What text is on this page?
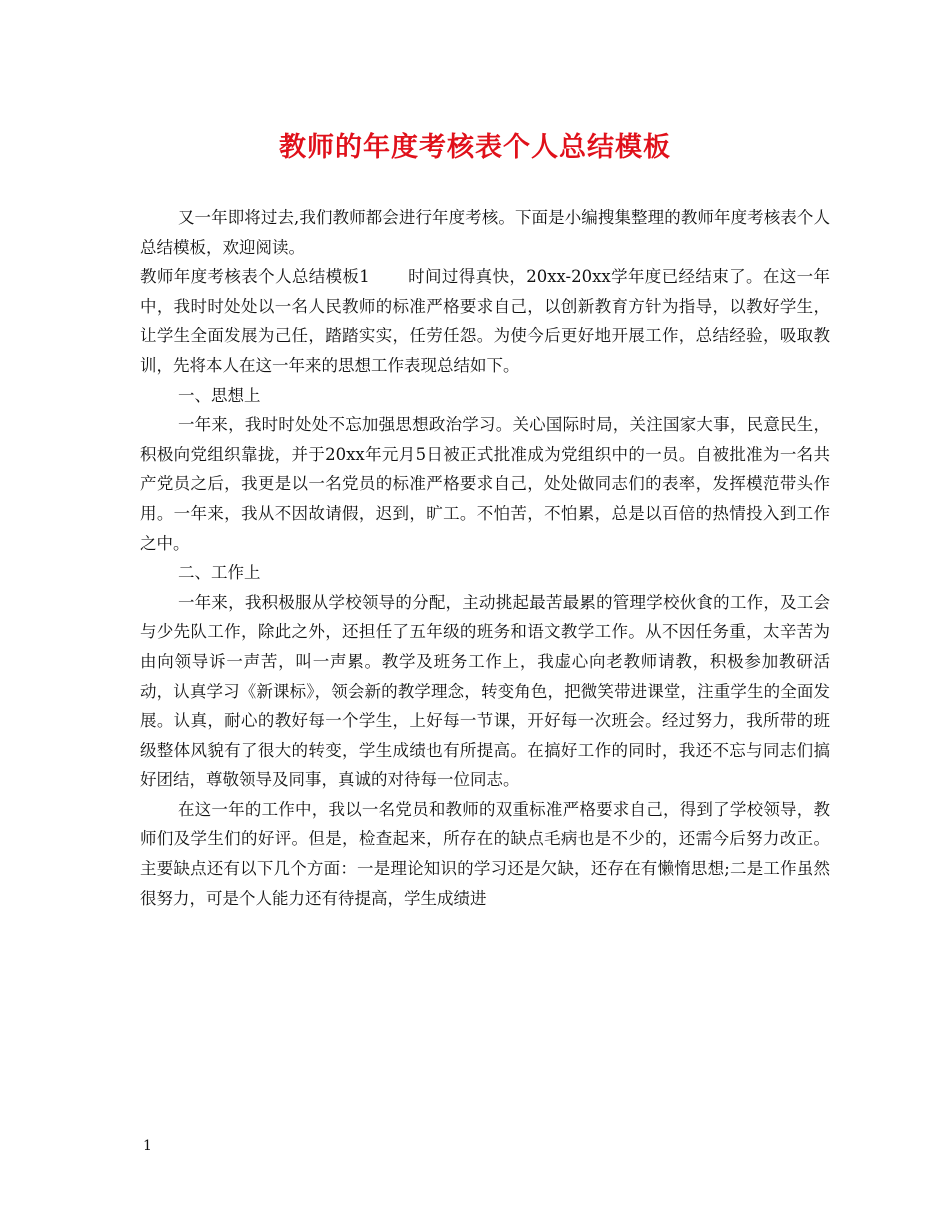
教师的年度考核表个人总结模板

又一年即将过去,我们教师都会进行年度考核。下面是小编搜集整理的教师年度考核表个人总结模板，欢迎阅读。

教师年度考核表个人总结模板1 时间过得真快，20xx-20xx学年度已经结束了。在这一年中，我时时处处以一名人民教师的标准严格要求自己，以创新教育方针为指导，以教好学生，让学生全面发展为己任，踏踏实实，任劳任怨。为使今后更好地开展工作，总结经验，吸取教训，先将本人在这一年来的思想工作表现总结如下。

一、思想上

一年来，我时时处处不忘加强思想政治学习。关心国际时局，关注国家大事，民意民生，积极向党组织靠拢，并于20xx年元月5日被正式批准成为党组织中的一员。自被批准为一名共产党员之后，我更是以一名党员的标准严格要求自己，处处做同志们的表率，发挥模范带头作用。一年来，我从不因故请假，迟到，旷工。不怕苦，不怕累，总是以百倍的热情投入到工作之中。

二、工作上

一年来，我积极服从学校领导的分配，主动挑起最苦最累的管理学校伙食的工作，及工会与少先队工作，除此之外，还担任了五年级的班务和语文教学工作。从不因任务重，太辛苦为由向领导诉一声苦，叫一声累。教学及班务工作上，我虚心向老教师请教，积极参加教研活动，认真学习《新课标》，领会新的教学理念，转变角色，把微笑带进课堂，注重学生的全面发展。认真，耐心的教好每一个学生，上好每一节课，开好每一次班会。经过努力，我所带的班级整体风貌有了很大的转变，学生成绩也有所提高。在搞好工作的同时，我还不忘与同志们搞好团结，尊敬领导及同事，真诚的对待每一位同志。

在这一年的工作中，我以一名党员和教师的双重标准严格要求自己，得到了学校领导，教师们及学生们的好评。但是，检查起来，所存在的缺点毛病也是不少的，还需今后努力改正。主要缺点还有以下几个方面：一是理论知识的学习还是欠缺，还存在有懒惰思想;二是工作虽然很努力，可是个人能力还有待提高，学生成绩进

1
